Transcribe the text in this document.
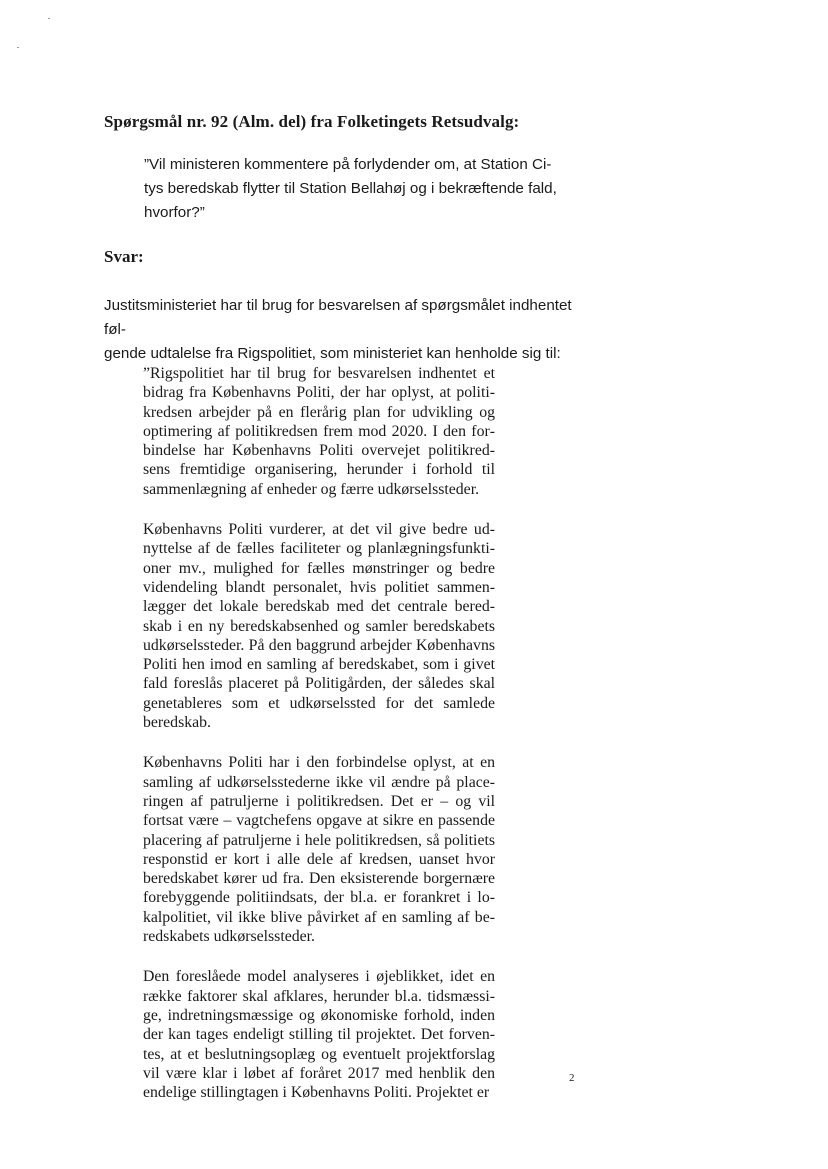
Spørgsmål nr. 92 (Alm. del) fra Folketingets Retsudvalg:
”Vil ministeren kommentere på forlydender om, at Station Ci-
tys beredskab flytter til Station Bellahøj og i bekræftende fald,
hvorfor?”
Svar:
Justitsministeriet har til brug for besvarelsen af spørgsmålet indhentet føl-
gende udtalelse fra Rigspolitiet, som ministeriet kan henholde sig til:

”Rigspolitiet har til brug for besvarelsen indhentet et bidrag fra Københavns Politi, der har oplyst, at politikredsen arbejder på en flerårig plan for udvikling og optimering af politikredsen frem mod 2020. I den forbindelse har Københavns Politi overvejet politikredsens fremtidige organisering, herunder i forhold til sammenlægning af enheder og færre udkørselssteder.

Københavns Politi vurderer, at det vil give bedre udnyttelse af de fælles faciliteter og planlægningsfunktioner mv., mulighed for fælles mønstringer og bedre videndeling blandt personalet, hvis politiet sammenlægger det lokale beredskab med det centrale beredskab i en ny beredskabsenhed og samler beredskabets udkørselssteder. På den baggrund arbejder Københavns Politi hen imod en samling af beredskabet, som i givet fald foreslås placeret på Politigården, der således skal genetableres som et udkørselssted for det samlede beredskab.

Københavns Politi har i den forbindelse oplyst, at en samling af udkørselsstederne ikke vil ændre på placeringen af patruljerne i politikredsen. Det er – og vil fortsat være – vagtchefens opgave at sikre en passende placering af patruljerne i hele politikredsen, så politiets responstid er kort i alle dele af kredsen, uanset hvor beredskabet kører ud fra. Den eksisterende borgernære forebyggende politiindsats, der bl.a. er forankret i lokalpolitiet, vil ikke blive påvirket af en samling af beredskabets udkørselssteder.

Den foreslåede model analyseres i øjeblikket, idet en række faktorer skal afklares, herunder bl.a. tidsmæssige, indretningsmæssige og økonomiske forhold, inden der kan tages endeligt stilling til projektet. Det forventes, at et beslutningsoplæg og eventuelt projektforslag vil være klar i løbet af foråret 2017 med henblik den endelige stillingtagen i Københavns Politi. Projektet er

2
